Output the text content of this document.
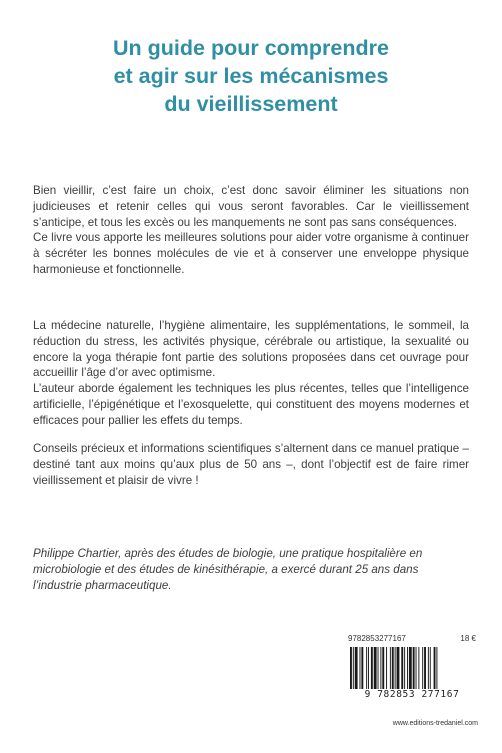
Un guide pour comprendre
et agir sur les mécanismes
du vieillissement

Bien vieillir, c’est faire un choix, c’est donc savoir éliminer les situations non judicieuses et retenir celles qui vous seront favorables. Car le vieillissement s’anticipe, et tous les excès ou les manquements ne sont pas sans conséquences.

Ce livre vous apporte les meilleures solutions pour aider votre organisme à continuer à sécréter les bonnes molécules de vie et à conserver une enveloppe physique harmonieuse et fonctionnelle.

La médecine naturelle, l’hygiène alimentaire, les supplémentations, le sommeil, la réduction du stress, les activités physique, cérébrale ou artistique, la sexualité ou encore la yoga thérapie font partie des solutions proposées dans cet ouvrage pour accueillir l’âge d’or avec optimisme.

L’auteur aborde également les techniques les plus récentes, telles que l’intelligence artificielle, l’épigénétique et l’exosquelette, qui constituent des moyens modernes et efficaces pour pallier les effets du temps.

Conseils précieux et informations scientifiques s’alternent dans ce manuel pratique – destiné tant aux moins qu’aux plus de 50 ans –, dont l’objectif est de faire rimer vieillissement et plaisir de vivre !

Philippe Chartier, après des études de biologie, une pratique hospitalière en microbiologie et des études de kinésithérapie, a exercé durant 25 ans dans l’industrie pharmaceutique.
9782853277167	18 €
9 782853 277167
www.editions-tredaniel.com
